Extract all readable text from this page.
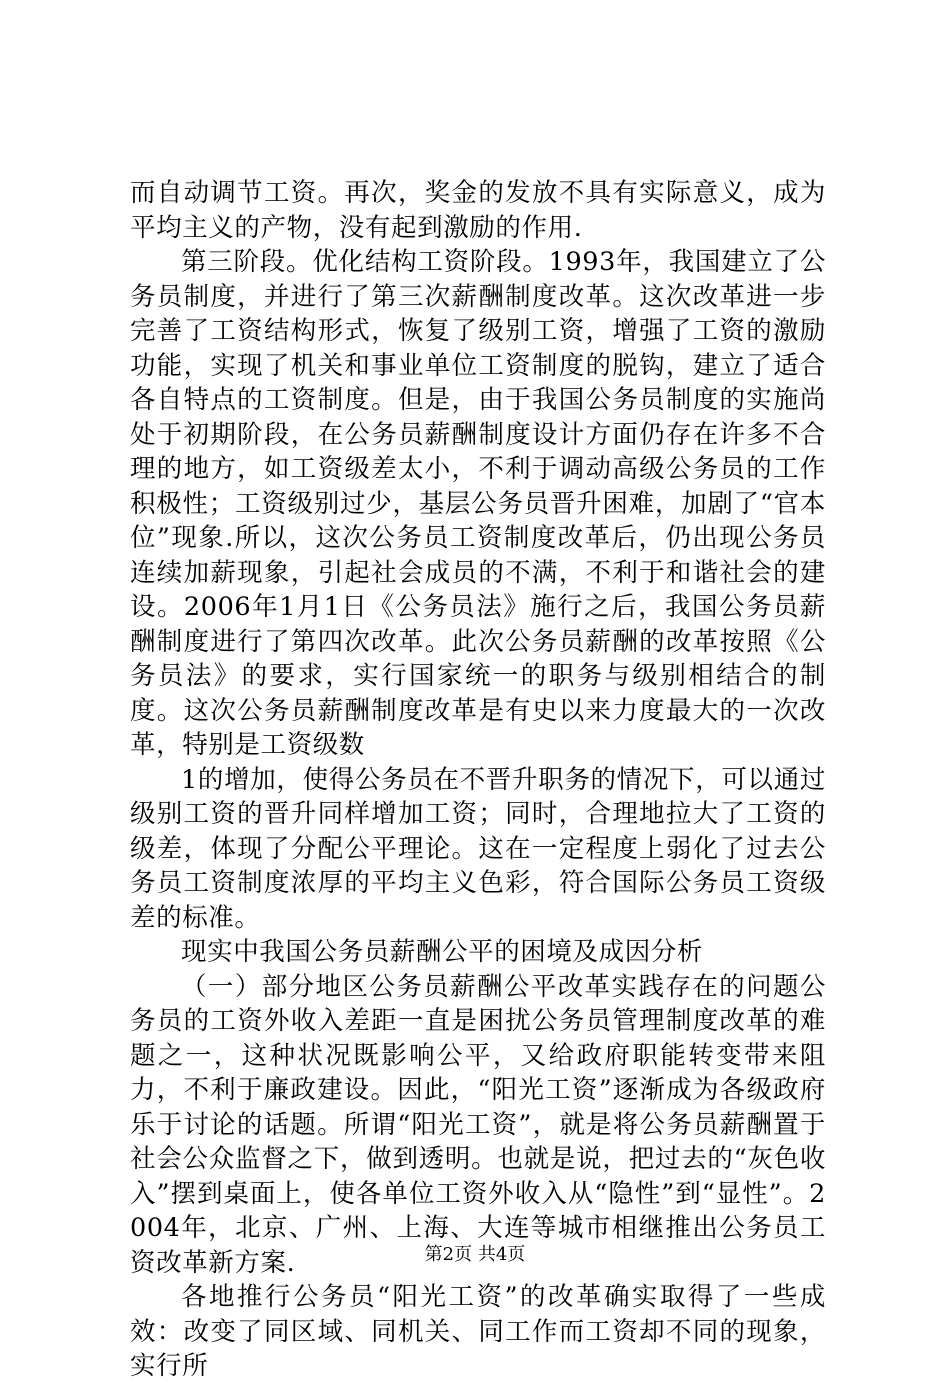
而自动调节工资。再次，奖金的发放不具有实际意义，成为平均主义的产物，没有起到激励的作用.

第三阶段。优化结构工资阶段。1993年，我国建立了公务员制度，并进行了第三次薪酬制度改革。这次改革进一步完善了工资结构形式，恢复了级别工资，增强了工资的激励功能，实现了机关和事业单位工资制度的脱钩，建立了适合各自特点的工资制度。但是，由于我国公务员制度的实施尚处于初期阶段，在公务员薪酬制度设计方面仍存在许多不合理的地方，如工资级差太小，不利于调动高级公务员的工作积极性；工资级别过少，基层公务员晋升困难，加剧了“官本位”现象.所以，这次公务员工资制度改革后，仍出现公务员连续加薪现象，引起社会成员的不满，不利于和谐社会的建设。2006年1月1日《公务员法》施行之后，我国公务员薪酬制度进行了第四次改革。此次公务员薪酬的改革按照《公务员法》的要求，实行国家统一的职务与级别相结合的制度。这次公务员薪酬制度改革是有史以来力度最大的一次改革，特别是工资级数

1的增加，使得公务员在不晋升职务的情况下，可以通过级别工资的晋升同样增加工资；同时，合理地拉大了工资的级差，体现了分配公平理论。这在一定程度上弱化了过去公务员工资制度浓厚的平均主义色彩，符合国际公务员工资级差的标准。

现实中我国公务员薪酬公平的困境及成因分析

（一）部分地区公务员薪酬公平改革实践存在的问题公务员的工资外收入差距一直是困扰公务员管理制度改革的难题之一，这种状况既影响公平，又给政府职能转变带来阻力，不利于廉政建设。因此，“阳光工资”逐渐成为各级政府乐于讨论的话题。所谓“阳光工资”，就是将公务员薪酬置于社会公众监督之下，做到透明。也就是说，把过去的“灰色收入”摆到桌面上，使各单位工资外收入从“隐性”到“显性”。2004年，北京、广州、上海、大连等城市相继推出公务员工资改革新方案.

各地推行公务员“阳光工资”的改革确实取得了一些成效：改变了同区域、同机关、同工作而工资却不同的现象，实行所

第2页 共4页
